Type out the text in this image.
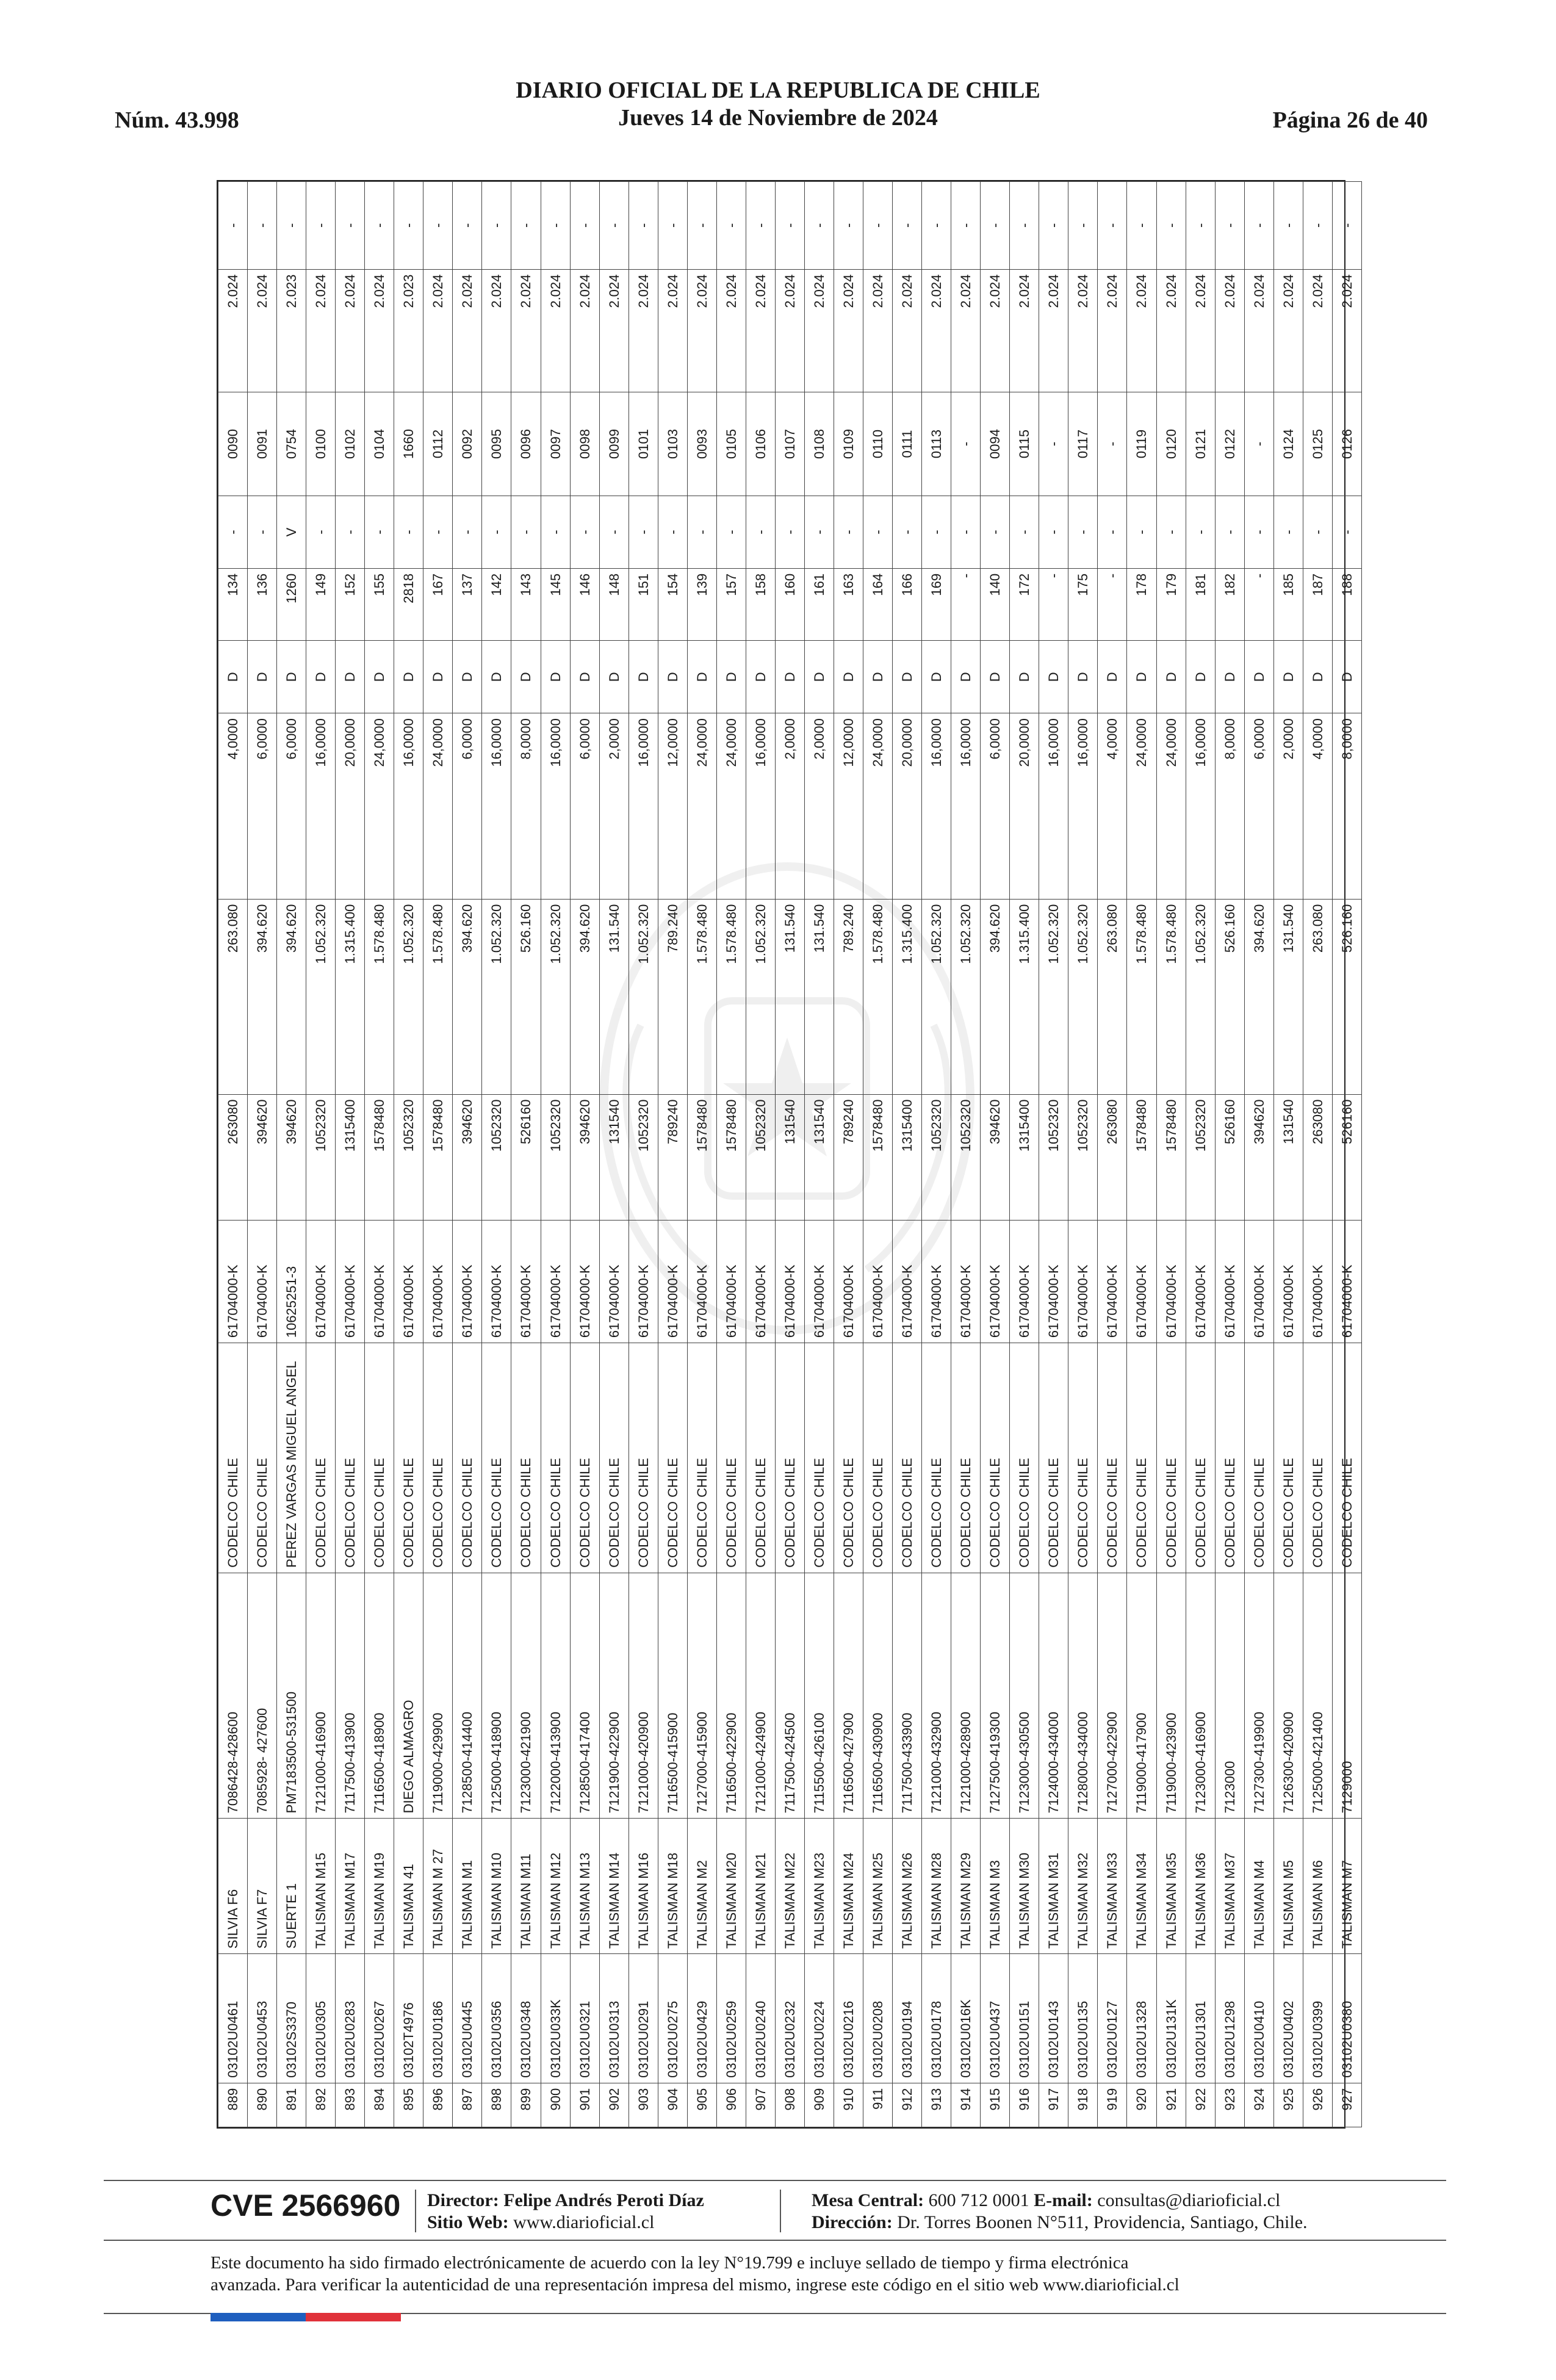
Núm. 43.998
DIARIO OFICIAL DE LA REPUBLICA DE CHILE
Jueves 14 de Noviembre de 2024	Página 26 de 40
889	03102U0461	SILVIA F6	7086428-428600	CODELCO CHILE	61704000-K	263080	263.080	4,0000	D	134	-	0090	2.024	-
890	03102U0453	SILVIA F7	7085928- 427600	CODELCO CHILE	61704000-K	394620	394.620	6,0000	D	136	-	0091	2.024	-
891	03102S3370	SUERTE 1	PM7183500-531500	PEREZ VARGAS MIGUEL ANGEL	10625251-3	394620	394.620	6,0000	D	1260	V	0754	2.023	-
892	03102U0305	TALISMAN M15	7121000-416900	CODELCO CHILE	61704000-K	1052320	1.052.320	16,0000	D	149	-	0100	2.024	-
893	03102U0283	TALISMAN M17	7117500-413900	CODELCO CHILE	61704000-K	1315400	1.315.400	20,0000	D	152	-	0102	2.024	-
894	03102U0267	TALISMAN M19	7116500-418900	CODELCO CHILE	61704000-K	1578480	1.578.480	24,0000	D	155	-	0104	2.024	-
895	03102T4976	TALISMAN 41	DIEGO ALMAGRO	CODELCO CHILE	61704000-K	1052320	1.052.320	16,0000	D	2818	-	1660	2.023	-
896	03102U0186	TALISMAN M 27	7119000-429900	CODELCO CHILE	61704000-K	1578480	1.578.480	24,0000	D	167	-	0112	2.024	-
897	03102U0445	TALISMAN M1	7128500-414400	CODELCO CHILE	61704000-K	394620	394.620	6,0000	D	137	-	0092	2.024	-
898	03102U0356	TALISMAN M10	7125000-418900	CODELCO CHILE	61704000-K	1052320	1.052.320	16,0000	D	142	-	0095	2.024	-
899	03102U0348	TALISMAN M11	7123000-421900	CODELCO CHILE	61704000-K	526160	526.160	8,0000	D	143	-	0096	2.024	-
900	03102U033K	TALISMAN M12	7122000-413900	CODELCO CHILE	61704000-K	1052320	1.052.320	16,0000	D	145	-	0097	2.024	-
901	03102U0321	TALISMAN M13	7128500-417400	CODELCO CHILE	61704000-K	394620	394.620	6,0000	D	146	-	0098	2.024	-
902	03102U0313	TALISMAN M14	7121900-422900	CODELCO CHILE	61704000-K	131540	131.540	2,0000	D	148	-	0099	2.024	-
903	03102U0291	TALISMAN M16	7121000-420900	CODELCO CHILE	61704000-K	1052320	1.052.320	16,0000	D	151	-	0101	2.024	-
904	03102U0275	TALISMAN M18	7116500-415900	CODELCO CHILE	61704000-K	789240	789.240	12,0000	D	154	-	0103	2.024	-
905	03102U0429	TALISMAN M2	7127000-415900	CODELCO CHILE	61704000-K	1578480	1.578.480	24,0000	D	139	-	0093	2.024	-
906	03102U0259	TALISMAN M20	7116500-422900	CODELCO CHILE	61704000-K	1578480	1.578.480	24,0000	D	157	-	0105	2.024	-
907	03102U0240	TALISMAN M21	7121000-424900	CODELCO CHILE	61704000-K	1052320	1.052.320	16,0000	D	158	-	0106	2.024	-
908	03102U0232	TALISMAN M22	7117500-424500	CODELCO CHILE	61704000-K	131540	131.540	2,0000	D	160	-	0107	2.024	-
909	03102U0224	TALISMAN M23	7115500-426100	CODELCO CHILE	61704000-K	131540	131.540	2,0000	D	161	-	0108	2.024	-
910	03102U0216	TALISMAN M24	7116500-427900	CODELCO CHILE	61704000-K	789240	789.240	12,0000	D	163	-	0109	2.024	-
911	03102U0208	TALISMAN M25	7116500-430900	CODELCO CHILE	61704000-K	1578480	1.578.480	24,0000	D	164	-	0110	2.024	-
912	03102U0194	TALISMAN M26	7117500-433900	CODELCO CHILE	61704000-K	1315400	1.315.400	20,0000	D	166	-	0111	2.024	-
913	03102U0178	TALISMAN M28	7121000-432900	CODELCO CHILE	61704000-K	1052320	1.052.320	16,0000	D	169	-	0113	2.024	-
914	03102U016K	TALISMAN M29	7121000-428900	CODELCO CHILE	61704000-K	1052320	1.052.320	16,0000	D	-	-	-	2.024	-
915	03102U0437	TALISMAN M3	7127500-419300	CODELCO CHILE	61704000-K	394620	394.620	6,0000	D	140	-	0094	2.024	-
916	03102U0151	TALISMAN M30	7123000-430500	CODELCO CHILE	61704000-K	1315400	1.315.400	20,0000	D	172	-	0115	2.024	-
917	03102U0143	TALISMAN M31	7124000-434000	CODELCO CHILE	61704000-K	1052320	1.052.320	16,0000	D	-	-	-	2.024	-
918	03102U0135	TALISMAN M32	7128000-434000	CODELCO CHILE	61704000-K	1052320	1.052.320	16,0000	D	175	-	0117	2.024	-
919	03102U0127	TALISMAN M33	7127000-422900	CODELCO CHILE	61704000-K	263080	263.080	4,0000	D	-	-	-	2.024	-
920	03102U1328	TALISMAN M34	7119000-417900	CODELCO CHILE	61704000-K	1578480	1.578.480	24,0000	D	178	-	0119	2.024	-
921	03102U131K	TALISMAN M35	7119000-423900	CODELCO CHILE	61704000-K	1578480	1.578.480	24,0000	D	179	-	0120	2.024	-
922	03102U1301	TALISMAN M36	7123000-416900	CODELCO CHILE	61704000-K	1052320	1.052.320	16,0000	D	181	-	0121	2.024	-
923	03102U1298	TALISMAN M37	7123000	CODELCO CHILE	61704000-K	526160	526.160	8,0000	D	182	-	0122	2.024	-
924	03102U0410	TALISMAN M4	7127300-419900	CODELCO CHILE	61704000-K	394620	394.620	6,0000	D	-	-	-	2.024	-
925	03102U0402	TALISMAN M5	7126300-420900	CODELCO CHILE	61704000-K	131540	131.540	2,0000	D	185	-	0124	2.024	-
926	03102U0399	TALISMAN M6	7125000-421400	CODELCO CHILE	61704000-K	263080	263.080	4,0000	D	187	-	0125	2.024	-
927	03102U0380	TALISMAN M7	7129000	CODELCO CHILE	61704000-K	526160	526.160	8,0000	D	188	-	0126	2.024	-
CVE 2566960 Director: Felipe Andrés Peroti Díaz
Sitio Web: www.diarioficial.cl
Mesa Central: 600 712 0001 E-mail: consultas@diarioficial.cl
Dirección: Dr. Torres Boonen N°511, Providencia, Santiago, Chile.
Este documento ha sido firmado electrónicamente de acuerdo con la ley N°19.799 e incluye sellado de tiempo y firma electrónica
avanzada. Para verificar la autenticidad de una representación impresa del mismo, ingrese este código en el sitio web www.diarioficial.cl
